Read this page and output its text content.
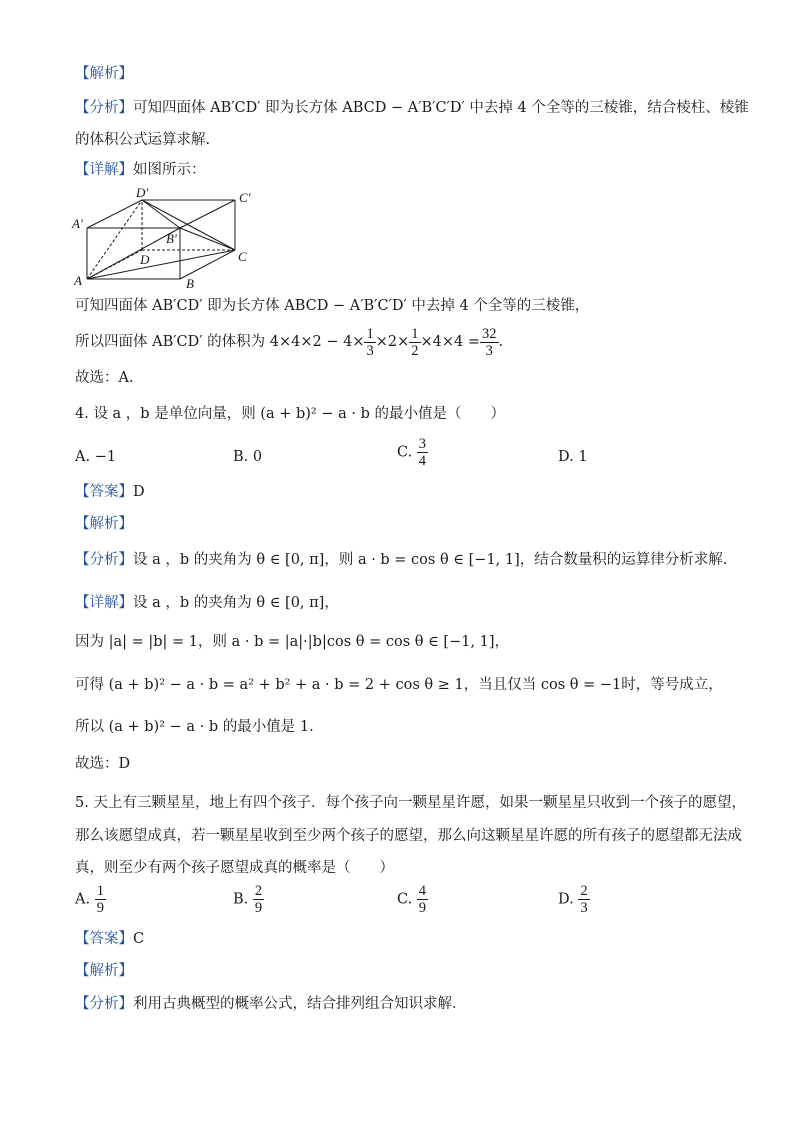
【解析】
【分析】可知四面体 AB′CD′ 即为长方体 ABCD − A′B′C′D′ 中去掉 4 个全等的三棱锥，结合棱柱、棱锥
的体积公式运算求解.
【详解】如图所示：
D′	C′
A′
B′
D	C
A	B
可知四面体 AB′CD′ 即为长方体 ABCD − A′B′C′D′ 中去掉 4 个全等的三棱锥，
所以四面体 AB′CD′ 的体积为 $4\times 4\times 2 - 4\times \frac{1}{3} \times 2\times \frac{1}{2} \times 4\times 4 = \frac{32}{3}$ .
故选：A.
4. 设 a ，b 是单位向量，则 (a + b)² − a · b 的最小值是（　　）
A. −1	B. 0	C. $\frac{3}{4}$	D. 1
【答案】D
【解析】
【分析】设 a ，b 的夹角为 θ ∈ [0, π]，则 a · b = cos θ ∈ [−1, 1]，结合数量积的运算律分析求解.
【详解】设 a ，b 的夹角为 θ ∈ [0, π]，
因为 |a| = |b| = 1，则 a · b = |a|·|b|cos θ = cos θ ∈ [−1, 1]，
可得 (a + b)² − a · b = a² + b² + a · b = 2 + cos θ ≥ 1，当且仅当 cos θ = −1时，等号成立，
所以 (a + b)² − a · b 的最小值是 1.
故选：D
5. 天上有三颗星星，地上有四个孩子．每个孩子向一颗星星许愿，如果一颗星星只收到一个孩子的愿望，
那么该愿望成真，若一颗星星收到至少两个孩子的愿望，那么向这颗星星许愿的所有孩子的愿望都无法成
真，则至少有两个孩子愿望成真的概率是（　　）
A. $\frac{1}{9}$	B. $\frac{2}{9}$	C. $\frac{4}{9}$	D. $\frac{2}{3}$
【答案】C
【解析】
【分析】利用古典概型的概率公式，结合排列组合知识求解．
